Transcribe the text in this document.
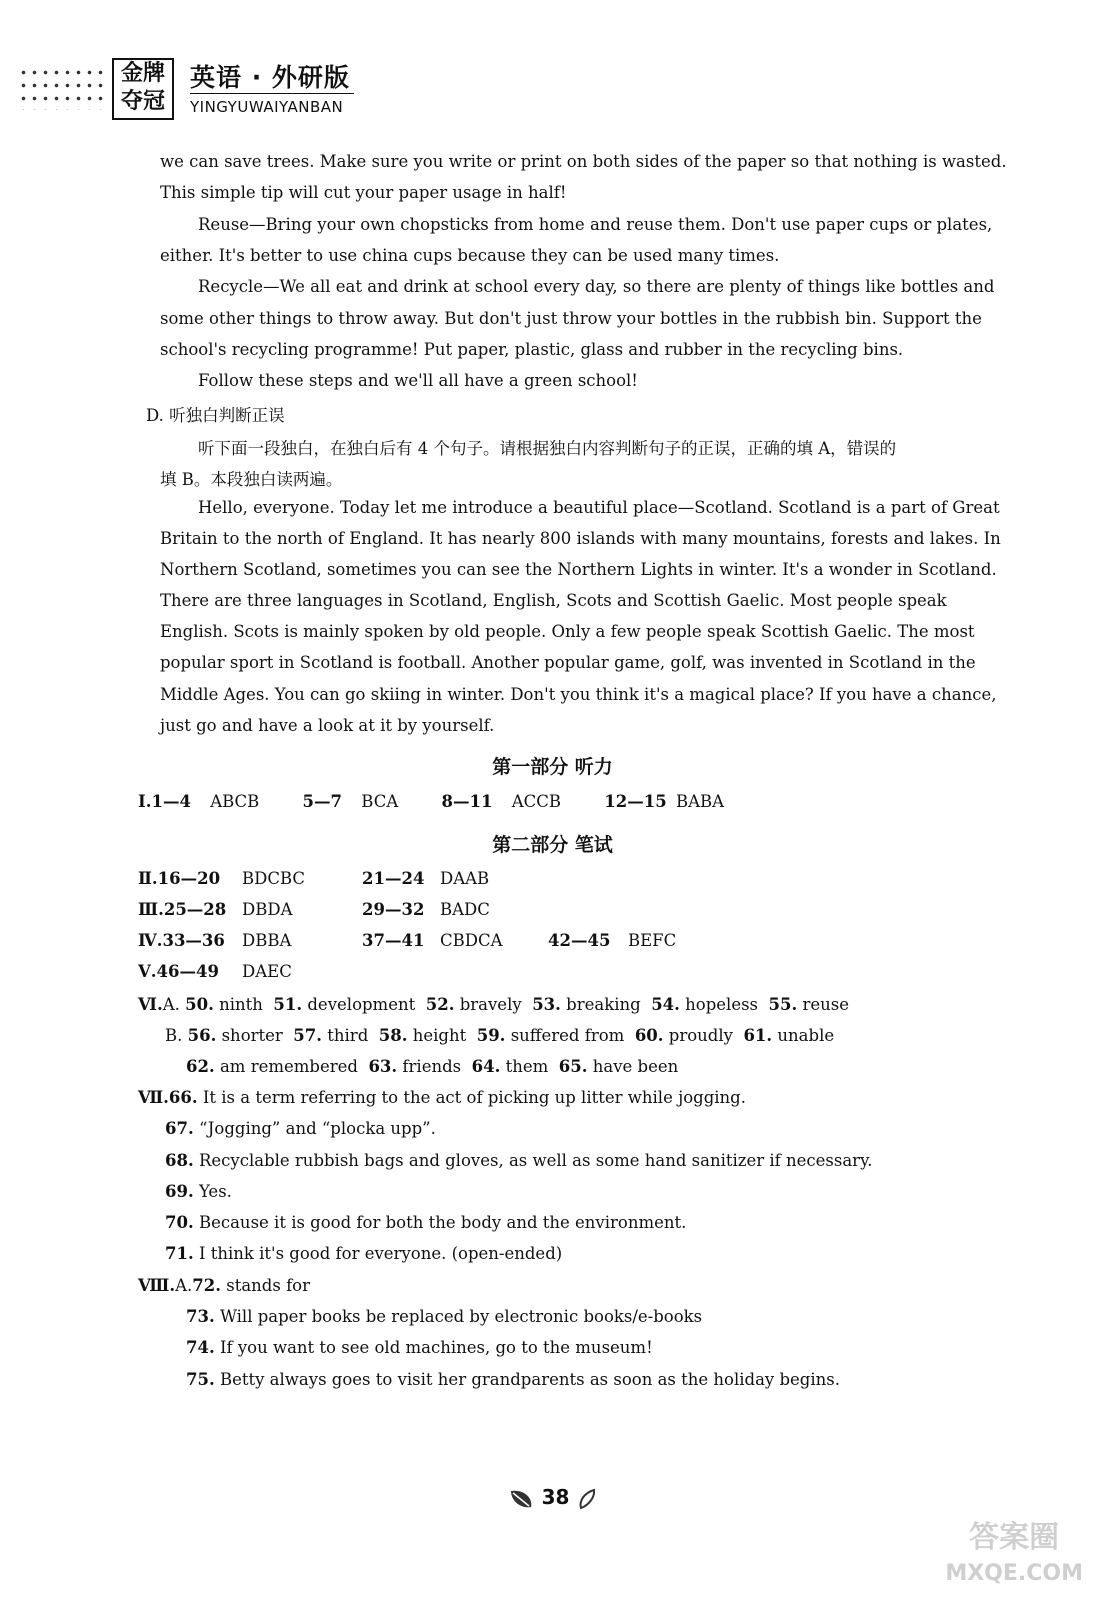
金牌
夺冠
英语 · 外研版
YINGYUWAIYANBAN
we can save trees. Make sure you write or print on both sides of the paper so that nothing is wasted.
This simple tip will cut your paper usage in half!
Reuse—Bring your own chopsticks from home and reuse them. Don't use paper cups or plates,
either. It's better to use china cups because they can be used many times.
Recycle—We all eat and drink at school every day, so there are plenty of things like bottles and
some other things to throw away. But don't just throw your bottles in the rubbish bin. Support the
school's recycling programme! Put paper, plastic, glass and rubber in the recycling bins.
Follow these steps and we'll all have a green school!
D. 听独白判断正误
听下面一段独白，在独白后有 4 个句子。请根据独白内容判断句子的正误，正确的填 A，错误的
填 B。本段独白读两遍。
Hello, everyone. Today let me introduce a beautiful place—Scotland. Scotland is a part of Great
Britain to the north of England. It has nearly 800 islands with many mountains, forests and lakes. In
Northern Scotland, sometimes you can see the Northern Lights in winter. It's a wonder in Scotland.
There are three languages in Scotland, English, Scots and Scottish Gaelic. Most people speak
English. Scots is mainly spoken by old people. Only a few people speak Scottish Gaelic. The most
popular sport in Scotland is football. Another popular game, golf, was invented in Scotland in the
Middle Ages. You can go skiing in winter. Don't you think it's a magical place? If you have a chance,
just go and have a look at it by yourself.
第一部分 听力
Ⅰ.1—4 ABCB	5—7 BCA	8—11 ACCB	12—15 BABA
第二部分 笔试
Ⅱ.16—20 BDCBC	21—24 DAAB
Ⅲ.25—28 DBDA	29—32 BADC
Ⅳ.33—36 DBBA	37—41 CBDCA	42—45 BEFC
Ⅴ.46—49 DAEC
Ⅵ.A. 50. ninth 51. development 52. bravely 53. breaking 54. hopeless 55. reuse
B. 56. shorter 57. third 58. height 59. suffered from 60. proudly 61. unable
62. am remembered 63. friends 64. them 65. have been
Ⅶ.66. It is a term referring to the act of picking up litter while jogging.
67. “Jogging” and “plocka upp”.
68. Recyclable rubbish bags and gloves, as well as some hand sanitizer if necessary.
69. Yes.
70. Because it is good for both the body and the environment.
71. I think it's good for everyone. (open-ended)
Ⅷ.A.72. stands for
73. Will paper books be replaced by electronic books/e-books
74. If you want to see old machines, go to the museum!
75. Betty always goes to visit her grandparents as soon as the holiday begins.
38
答案圈
MXQE.COM
